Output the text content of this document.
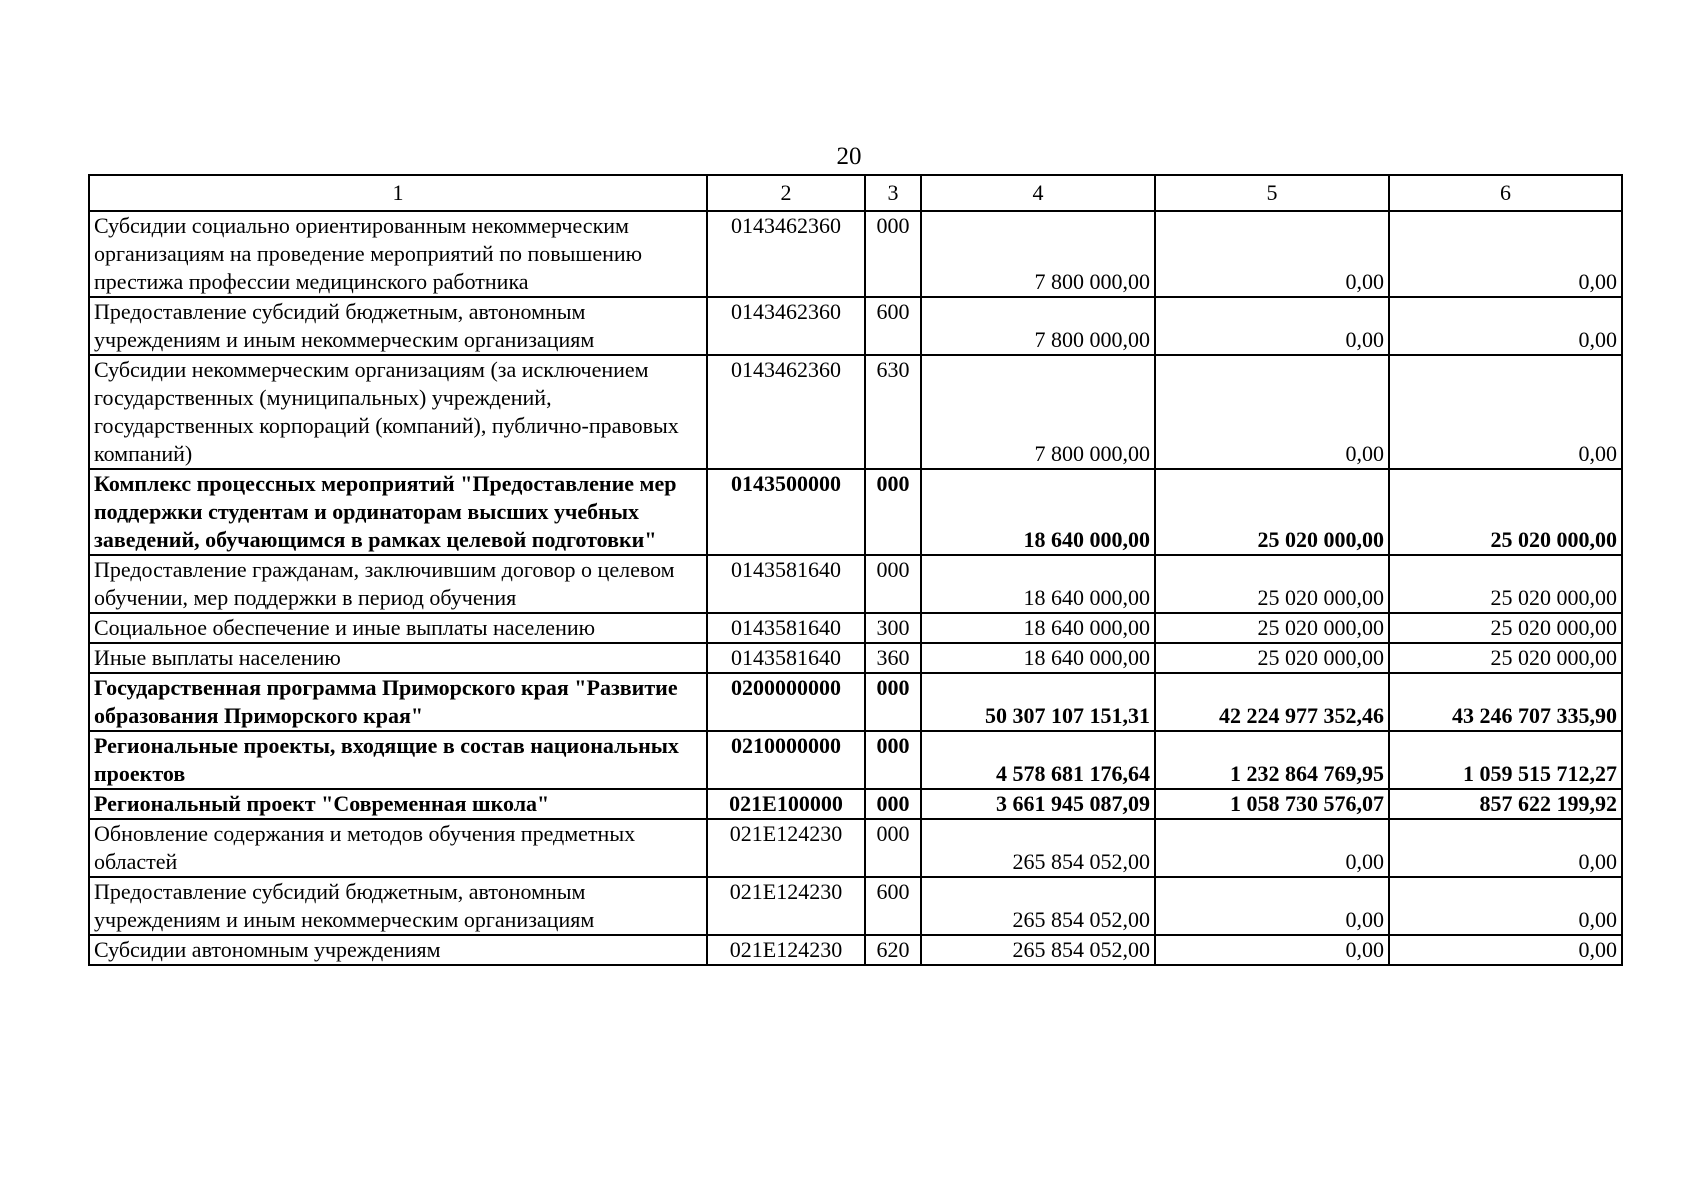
20
1	2	3	4	5	6
Субсидии социально ориентированным некоммерческим организациям на проведение мероприятий по повышению престижа профессии медицинского работника	0143462360	000	7 800 000,00	0,00	0,00
Предоставление субсидий бюджетным, автономным учреждениям и иным некоммерческим организациям	0143462360	600	7 800 000,00	0,00	0,00
Субсидии некоммерческим организациям (за исключением государственных (муниципальных) учреждений, государственных корпораций (компаний), публично-правовых компаний)	0143462360	630	7 800 000,00	0,00	0,00
Комплекс процессных мероприятий "Предоставление мер поддержки студентам и ординаторам высших учебных заведений, обучающимся в рамках целевой подготовки"	0143500000	000	18 640 000,00	25 020 000,00	25 020 000,00
Предоставление гражданам, заключившим договор о целевом обучении, мер поддержки в период обучения	0143581640	000	18 640 000,00	25 020 000,00	25 020 000,00
Социальное обеспечение и иные выплаты населению	0143581640	300	18 640 000,00	25 020 000,00	25 020 000,00
Иные выплаты населению	0143581640	360	18 640 000,00	25 020 000,00	25 020 000,00
Государственная программа Приморского края "Развитие образования Приморского края"	0200000000	000	50 307 107 151,31	42 224 977 352,46	43 246 707 335,90
Региональные проекты, входящие в состав национальных проектов	0210000000	000	4 578 681 176,64	1 232 864 769,95	1 059 515 712,27
Региональный проект "Современная школа"	021E100000	000	3 661 945 087,09	1 058 730 576,07	857 622 199,92
Обновление содержания и методов обучения предметных областей	021E124230	000	265 854 052,00	0,00	0,00
Предоставление субсидий бюджетным, автономным учреждениям и иным некоммерческим организациям	021E124230	600	265 854 052,00	0,00	0,00
Субсидии автономным учреждениям	021E124230	620	265 854 052,00	0,00	0,00
